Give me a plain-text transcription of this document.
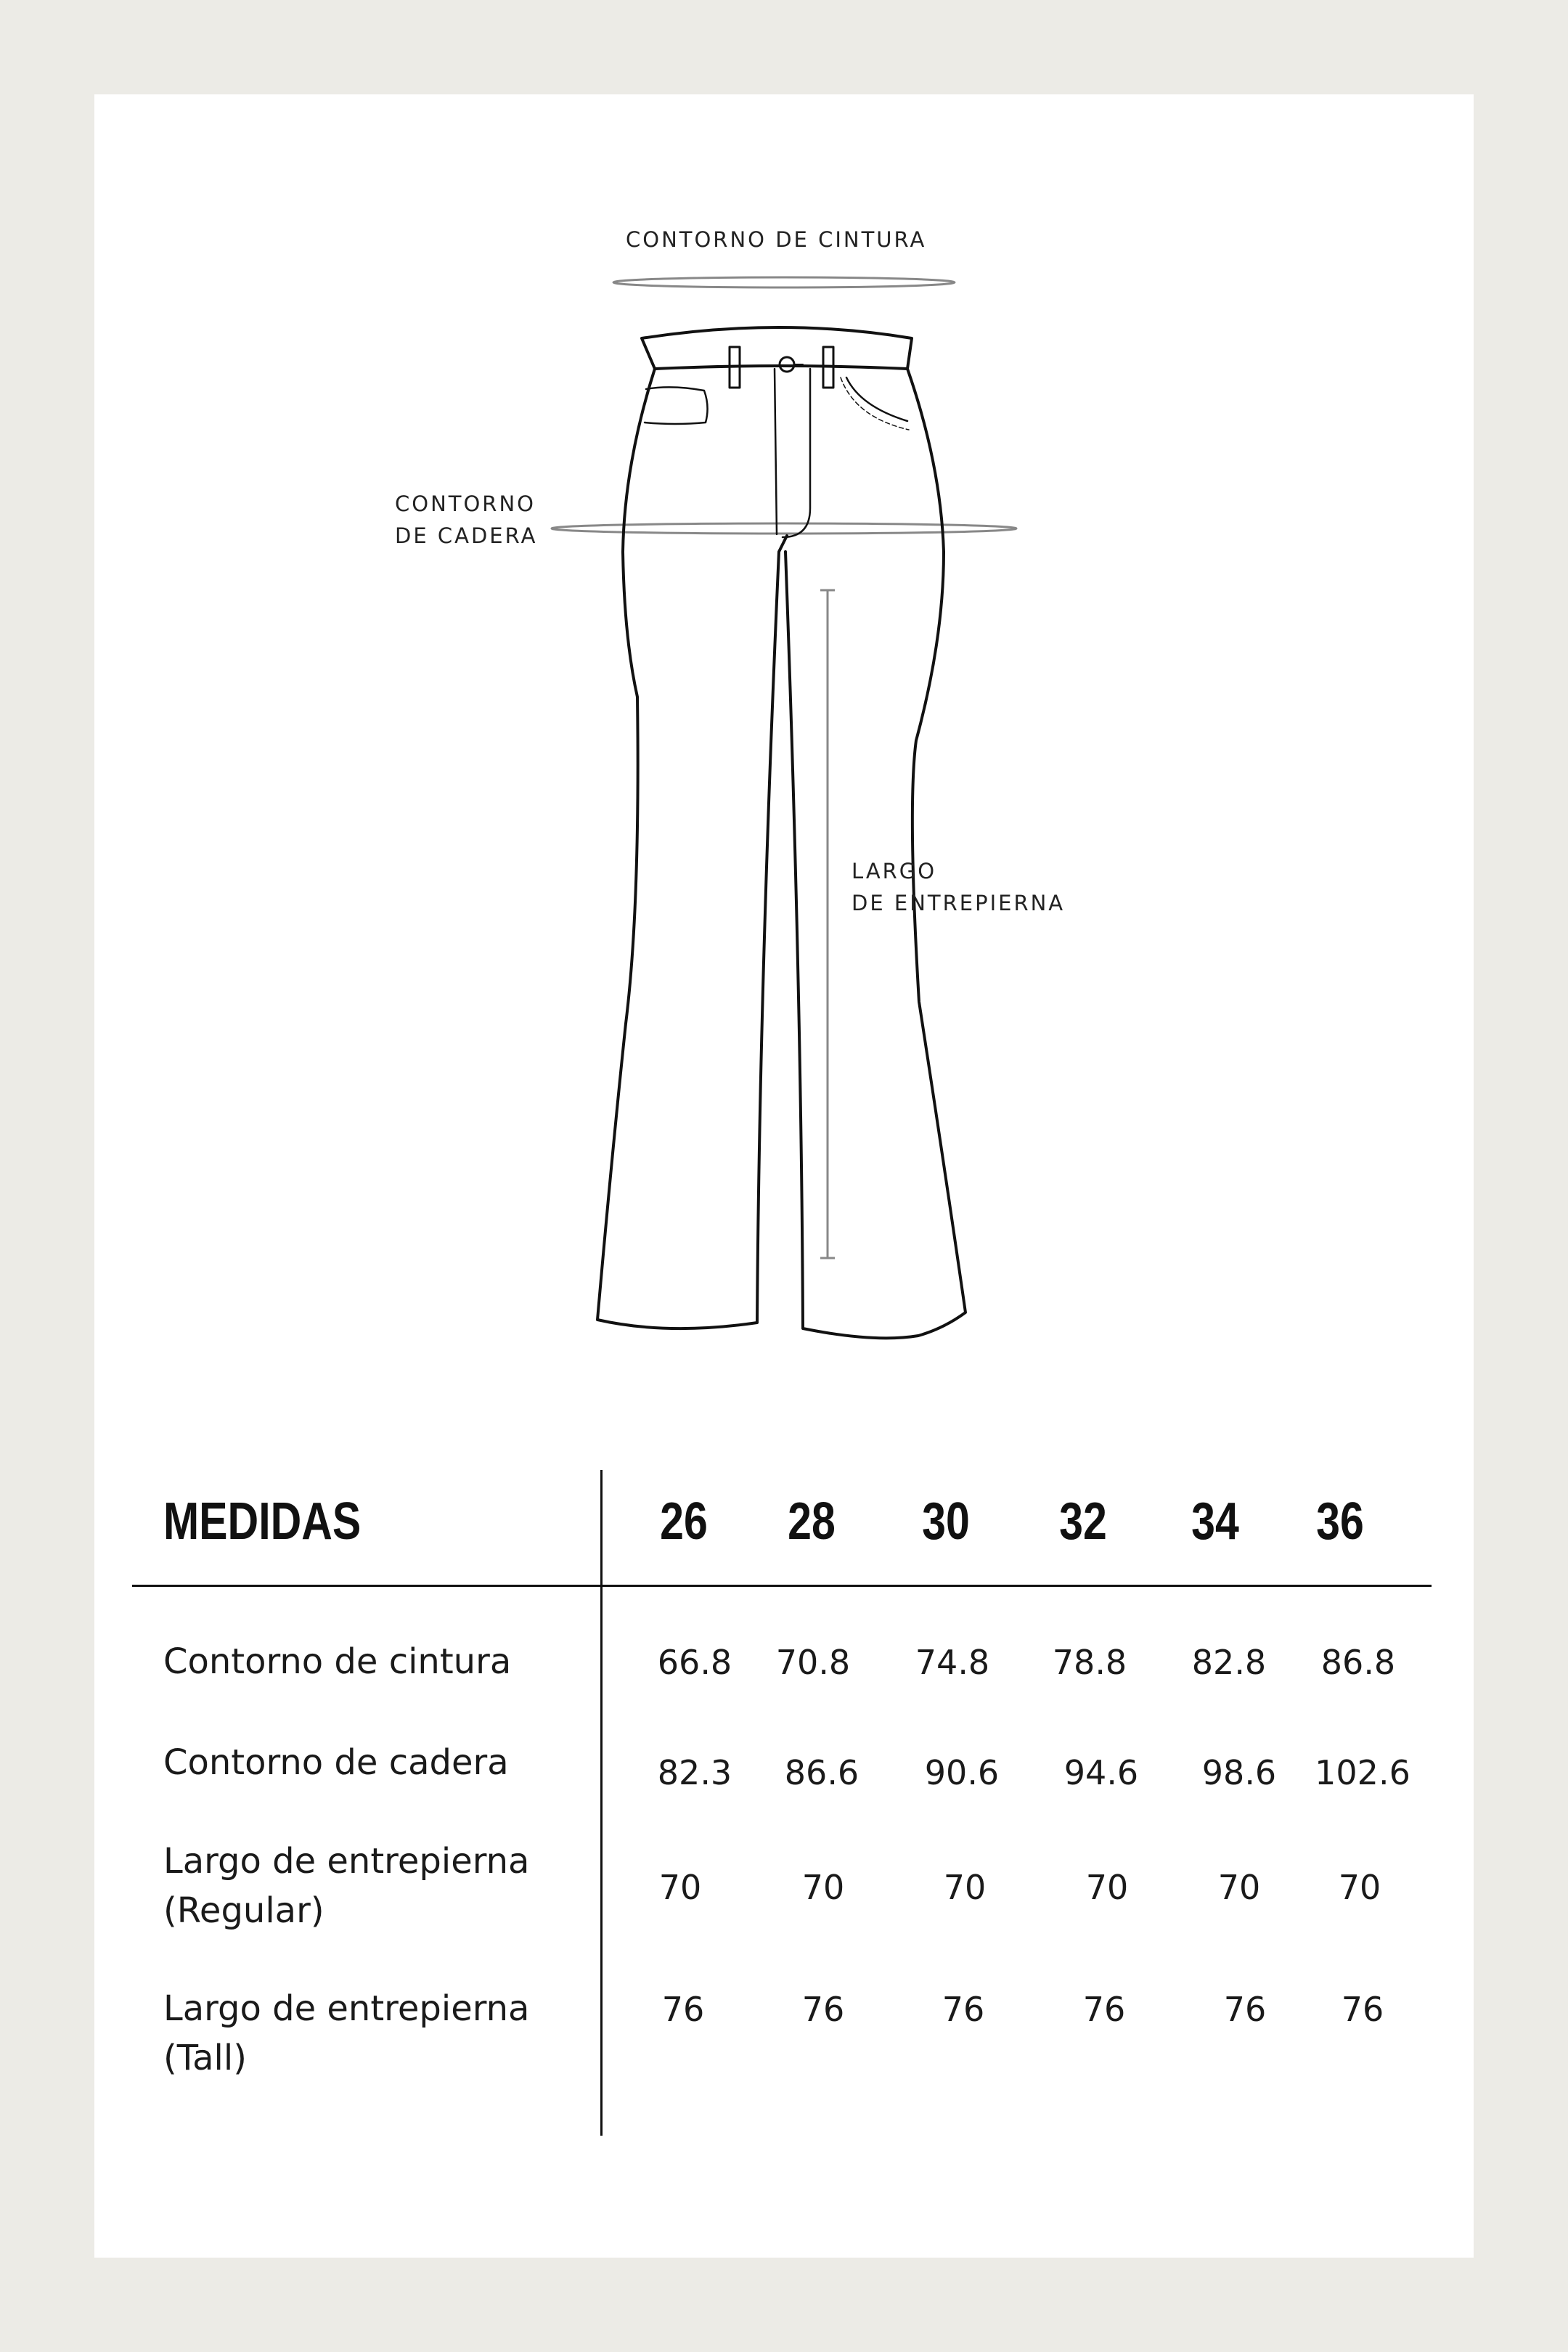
CONTORNO DE CINTURA
CONTORNO
DE CADERA
LARGO
DE ENTREPIERNA
MEDIDAS	26	28	30	32	34	36
Contorno de cintura	66.8	70.8	74.8	78.8	82.8	86.8
Contorno de cadera	82.3	86.6	90.6	94.6	98.6	102.6
Largo de entrepierna
(Regular)
70	70	70	70	70	70
Largo de entrepierna
(Tall)
76	76	76	76	76	76
